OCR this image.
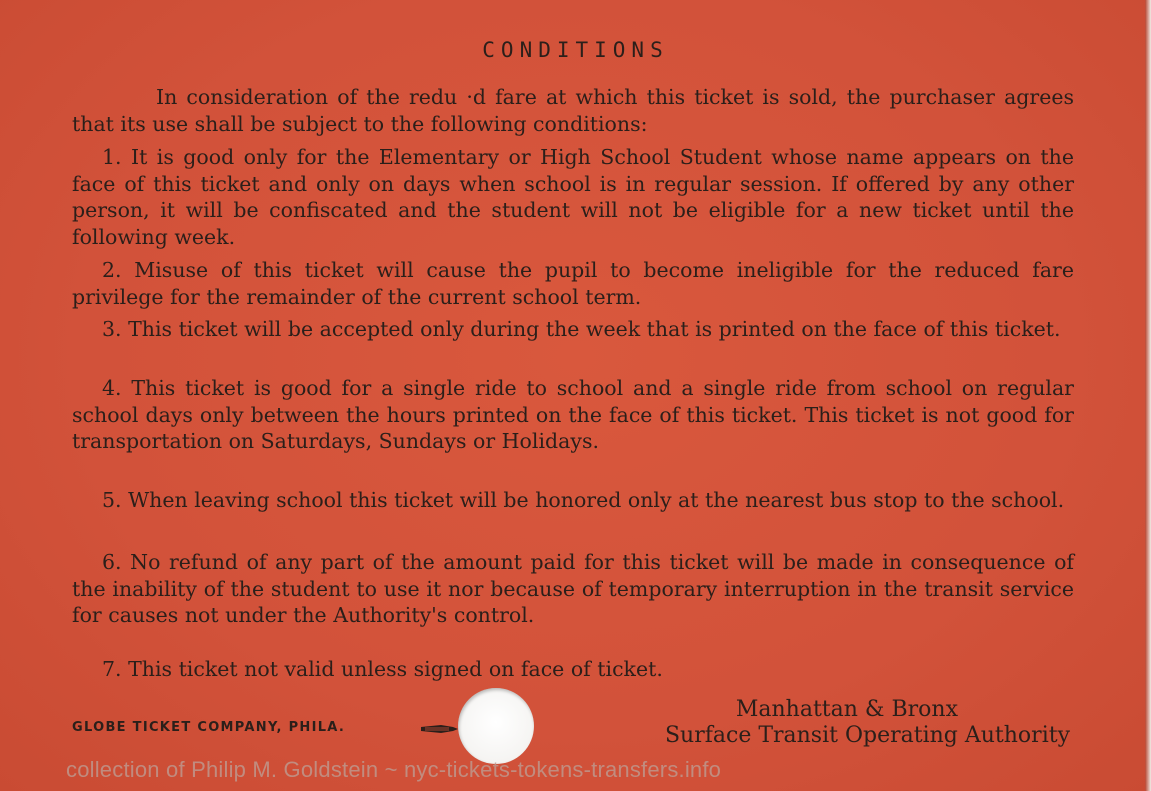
CONDITIONS
In consideration of the redu ·d fare at which this ticket is sold, the purchaser agrees that its use shall be subject to the following conditions:
1. It is good only for the Elementary or High School Student whose name appears on the face of this ticket and only on days when school is in regular session. If offered by any other person, it will be confiscated and the student will not be eligible for a new ticket until the following week.
2. Misuse of this ticket will cause the pupil to become ineligible for the reduced fare privilege for the remainder of the current school term.
3. This ticket will be accepted only during the week that is printed on the face of this ticket.
4. This ticket is good for a single ride to school and a single ride from school on regular school days only between the hours printed on the face of this ticket. This ticket is not good for transportation on Saturdays, Sundays or Holidays.
5. When leaving school this ticket will be honored only at the nearest bus stop to the school.
6. No refund of any part of the amount paid for this ticket will be made in consequence of the inability of the student to use it nor because of temporary interruption in the transit service for causes not under the Authority's control.
7. This ticket not valid unless signed on face of ticket.
GLOBE TICKET COMPANY, PHILA.
Manhattan & Bronx
Surface Transit Operating Authority
collection of Philip M. Goldstein ~ nyc-tickets-tokens-transfers.info
